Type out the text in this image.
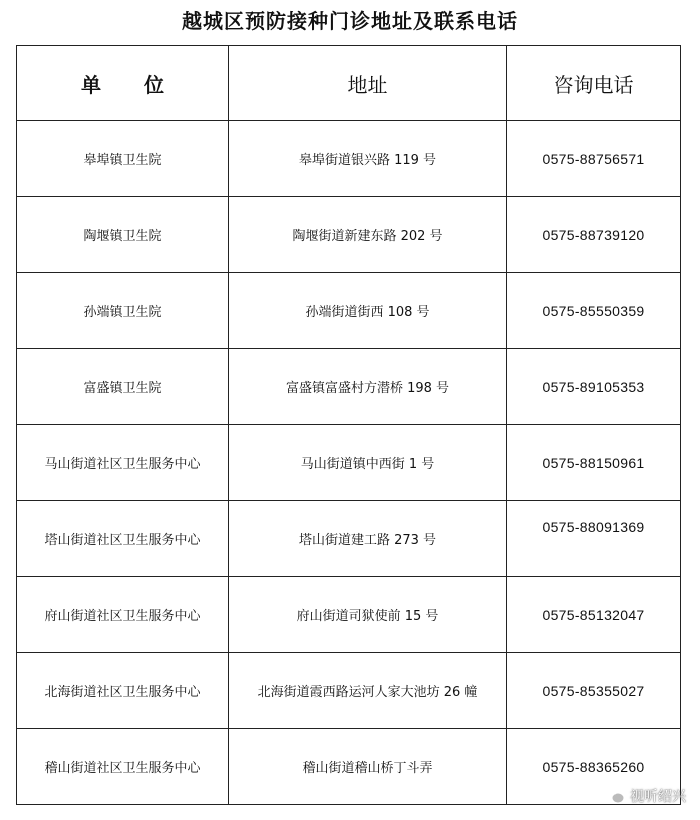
越城区预防接种门诊地址及联系电话
单 位	地址	咨询电话
皋埠镇卫生院	皋埠街道银兴路 119 号	0575-88756571
陶堰镇卫生院	陶堰街道新建东路 202 号	0575-88739120
孙端镇卫生院	孙端街道街西 108 号	0575-85550359
富盛镇卫生院	富盛镇富盛村方潜桥 198 号	0575-89105353
马山街道社区卫生服务中心	马山街道镇中西街 1 号	0575-88150961
塔山街道社区卫生服务中心	塔山街道建工路 273 号	0575-88091369
府山街道社区卫生服务中心	府山街道司狱使前 15 号	0575-85132047
北海街道社区卫生服务中心	北海街道霞西路运河人家大池坊 26 幢	0575-85355027
稽山街道社区卫生服务中心	稽山街道稽山桥丁斗弄	0575-88365260
视听绍兴
